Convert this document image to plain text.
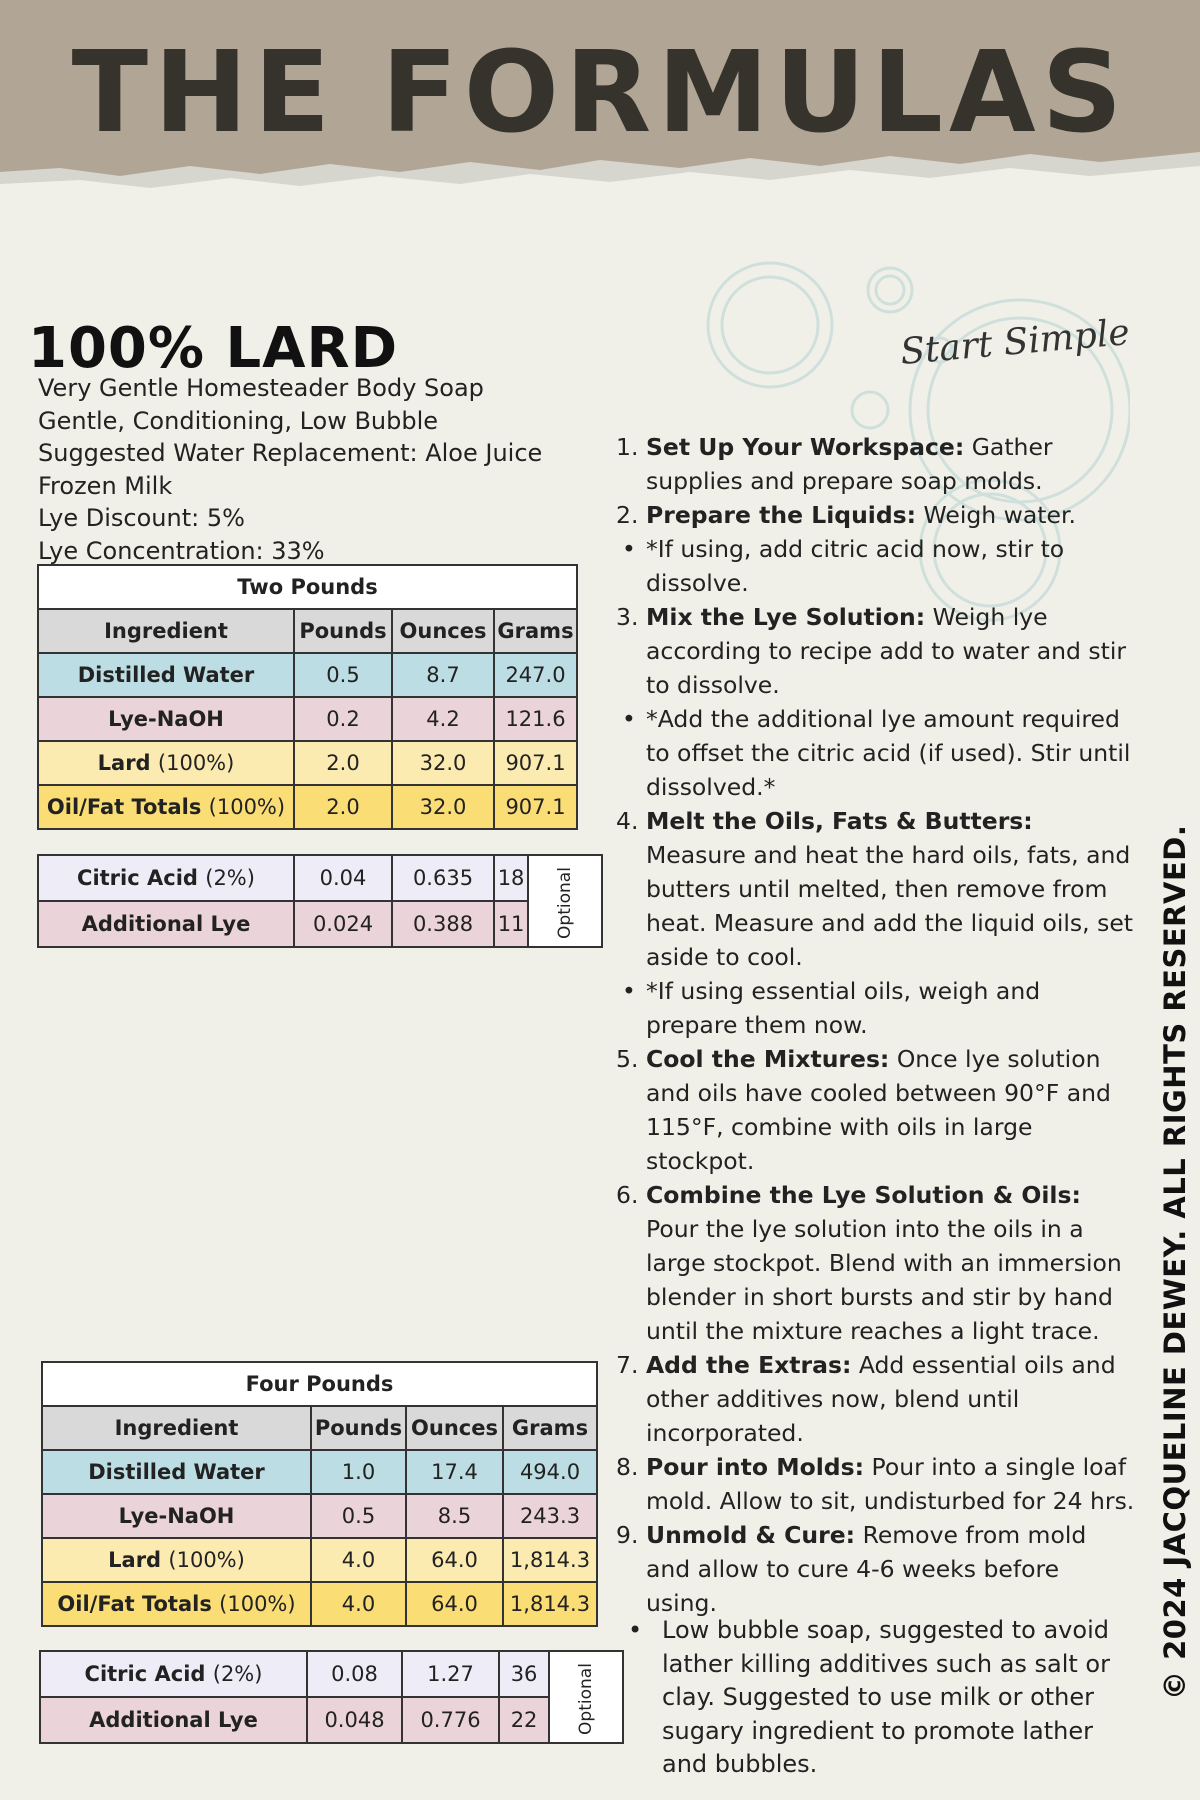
THE FORMULAS
100% LARD
Very Gentle Homesteader Body Soap
Gentle, Conditioning, Low Bubble
Suggested Water Replacement: Aloe Juice
Frozen Milk
Lye Discount: 5%
Lye Concentration: 33%
Start Simple
Two Pounds			
Ingredient	Pounds	Ounces	Grams
Distilled Water	0.5	8.7	247.0
Lye-NaOH	0.2	4.2	121.6
Lard (100%)	2.0	32.0	907.1
Oil/Fat Totals (100%)	2.0	32.0	907.1
Citric Acid (2%)	0.04	0.635	18	Optional
Additional Lye	0.024	0.388	11	
Four Pounds			
Ingredient	Pounds	Ounces	Grams
Distilled Water	1.0	17.4	494.0
Lye-NaOH	0.5	8.5	243.3
Lard (100%)	4.0	64.0	1,814.3
Oil/Fat Totals (100%)	4.0	64.0	1,814.3
Citric Acid (2%)	0.08	1.27	36	Optional
Additional Lye	0.048	0.776	22	
1. Set Up Your Workspace: Gather supplies and prepare soap molds.
2. Prepare the Liquids: Weigh water.
• *If using, add citric acid now, stir to dissolve.
3. Mix the Lye Solution: Weigh lye according to recipe add to water and stir to dissolve.
• *Add the additional lye amount required to offset the citric acid (if used). Stir until dissolved.*
4. Melt the Oils, Fats & Butters: Measure and heat the hard oils, fats, and butters until melted, then remove from heat. Measure and add the liquid oils, set aside to cool.
• *If using essential oils, weigh and prepare them now.
5. Cool the Mixtures: Once lye solution and oils have cooled between 90°F and 115°F, combine with oils in large stockpot.
6. Combine the Lye Solution & Oils: Pour the lye solution into the oils in a large stockpot. Blend with an immersion blender in short bursts and stir by hand until the mixture reaches a light trace.
7. Add the Extras: Add essential oils and other additives now, blend until incorporated.
8. Pour into Molds: Pour into a single loaf mold. Allow to sit, undisturbed for 24 hrs.
9. Unmold & Cure: Remove from mold and allow to cure 4-6 weeks before using.
• Low bubble soap, suggested to avoid lather killing additives such as salt or clay. Suggested to use milk or other sugary ingredient to promote lather and bubbles.
© 2024 JACQUELINE DEWEY. ALL RIGHTS RESERVED.
